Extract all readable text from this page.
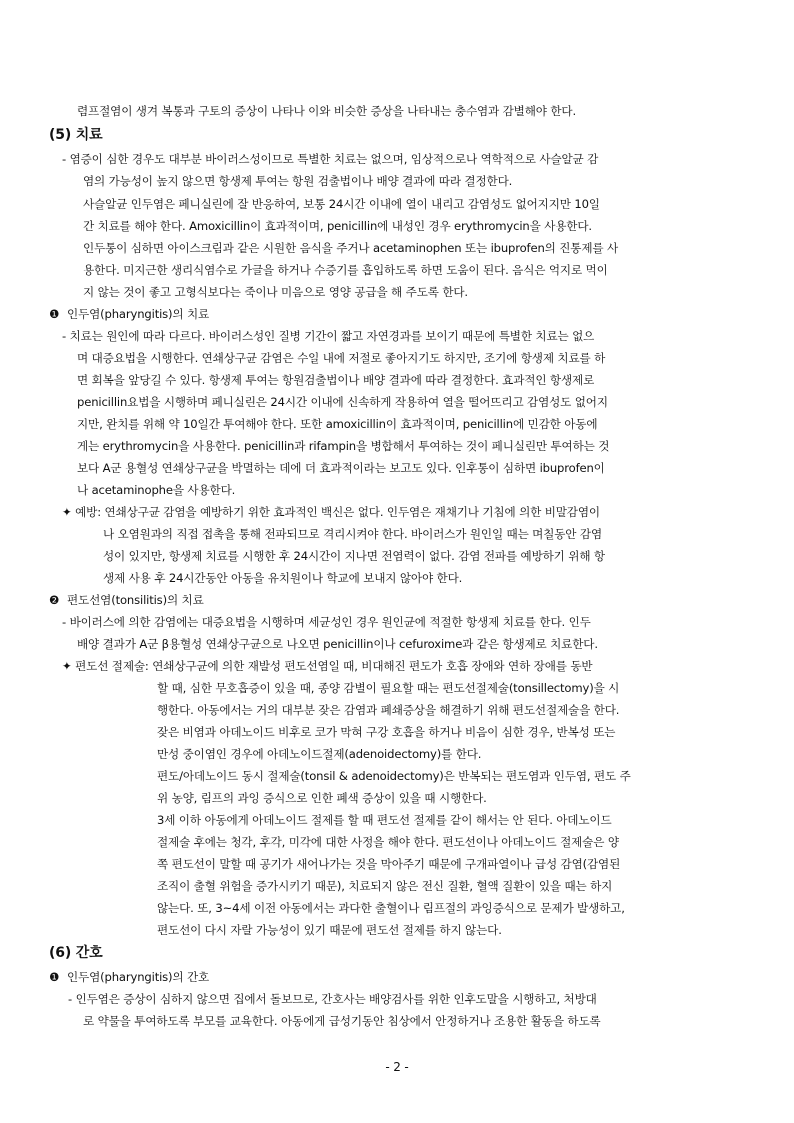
렴프절염이 생겨 복통과 구토의 증상이 나타나 이와 비슷한 증상을 나타내는 충수염과 감별해야 한다.
(5) 치료
- 염증이 심한 경우도 대부분 바이러스성이므로 특별한 치료는 없으며, 임상적으로나 역학적으로 사슬알균 감
염의 가능성이 높지 않으면 항생제 투여는 항원 검출법이나 배양 결과에 따라 결정한다.
사슬알균 인두염은 페니실린에 잘 반응하여, 보통 24시간 이내에 열이 내리고 감염성도 없어지지만 10일
간 치료를 해야 한다. Amoxicillin이 효과적이며, penicillin에 내성인 경우 erythromycin을 사용한다.
인두통이 심하면 아이스크림과 같은 시원한 음식을 주거나 acetaminophen 또는 ibuprofen의 진통제를 사
용한다. 미지근한 생리식염수로 가글을 하거나 수증기를 흡입하도록 하면 도움이 된다. 음식은 억지로 먹이
지 않는 것이 좋고 고형식보다는 죽이나 미음으로 영양 공급을 해 주도록 한다.
❶ 인두염(pharyngitis)의 치료
- 치료는 원인에 따라 다르다. 바이러스성인 질병 기간이 짧고 자연경과를 보이기 때문에 특별한 치료는 없으
며 대증요법을 시행한다. 연쇄상구균 감염은 수일 내에 저절로 좋아지기도 하지만, 조기에 항생제 치료를 하
면 회복을 앞당길 수 있다. 항생제 투여는 항원검출법이나 배양 결과에 따라 결정한다. 효과적인 항생제로
penicillin요법을 시행하며 페니실린은 24시간 이내에 신속하게 작용하여 열을 떨어뜨리고 감염성도 없어지
지만, 완치를 위해 약 10일간 투여해야 한다. 또한 amoxicillin이 효과적이며, penicillin에 민감한 아동에
게는 erythromycin을 사용한다. penicillin과 rifampin을 병합해서 투여하는 것이 페니실린만 투여하는 것
보다 A군 용혈성 연쇄상구균을 박멸하는 데에 더 효과적이라는 보고도 있다. 인후통이 심하면 ibuprofen이
나 acetaminophe을 사용한다.
✦ 예방: 연쇄상구균 감염을 예방하기 위한 효과적인 백신은 없다. 인두염은 재채기나 기침에 의한 비말감염이
나 오염원과의 직접 접촉을 통해 전파되므로 격리시켜야 한다. 바이러스가 원인일 때는 며칠동안 감염
성이 있지만, 항생제 치료를 시행한 후 24시간이 지나면 전염력이 없다. 감염 전파를 예방하기 위해 항
생제 사용 후 24시간동안 아동을 유치원이나 학교에 보내지 않아야 한다.
❷ 편도선염(tonsilitis)의 치료
- 바이러스에 의한 감염에는 대증요법을 시행하며 세균성인 경우 원인균에 적절한 항생제 치료를 한다. 인두
배양 결과가 A군 β용혈성 연쇄상구균으로 나오면 penicillin이나 cefuroxime과 같은 항생제로 치료한다.
✦ 편도선 절제술: 연쇄상구균에 의한 재발성 편도선염일 때, 비대해진 편도가 호흡 장애와 연하 장애를 동반
할 때, 심한 무호흡증이 있을 때, 종양 감별이 필요할 때는 편도선절제술(tonsillectomy)을 시
행한다. 아동에서는 거의 대부분 잦은 감염과 폐쇄증상을 해결하기 위해 편도선절제술을 한다.
잦은 비염과 아데노이드 비후로 코가 막혀 구강 호흡을 하거나 비음이 심한 경우, 반복성 또는
만성 중이염인 경우에 아데노이드절제(adenoidectomy)를 한다.
편도/아데노이드 동시 절제술(tonsil & adenoidectomy)은 반복되는 편도염과 인두염, 편도 주
위 농양, 림프의 과잉 증식으로 인한 폐색 증상이 있을 때 시행한다.
3세 이하 아동에게 아데노이드 절제를 할 때 편도선 절제를 같이 해서는 안 된다. 아데노이드
절제술 후에는 청각, 후각, 미각에 대한 사정을 해야 한다. 편도선이나 아데노이드 절제술은 양
쪽 편도선이 말할 때 공기가 새어나가는 것을 막아주기 때문에 구개파열이나 급성 감염(감염된
조직이 출혈 위험을 증가시키기 때문), 치료되지 않은 전신 질환, 혈액 질환이 있을 때는 하지
않는다. 또, 3~4세 이전 아동에서는 과다한 출혈이나 림프절의 과잉증식으로 문제가 발생하고,
편도선이 다시 자랄 가능성이 있기 때문에 편도선 절제를 하지 않는다.
(6) 간호
❶ 인두염(pharyngitis)의 간호
- 인두염은 증상이 심하지 않으면 집에서 돌보므로, 간호사는 배양검사를 위한 인후도말을 시행하고, 처방대
로 약물을 투여하도록 부모를 교육한다. 아동에게 급성기동안 침상에서 안정하거나 조용한 활동을 하도록
- 2 -
